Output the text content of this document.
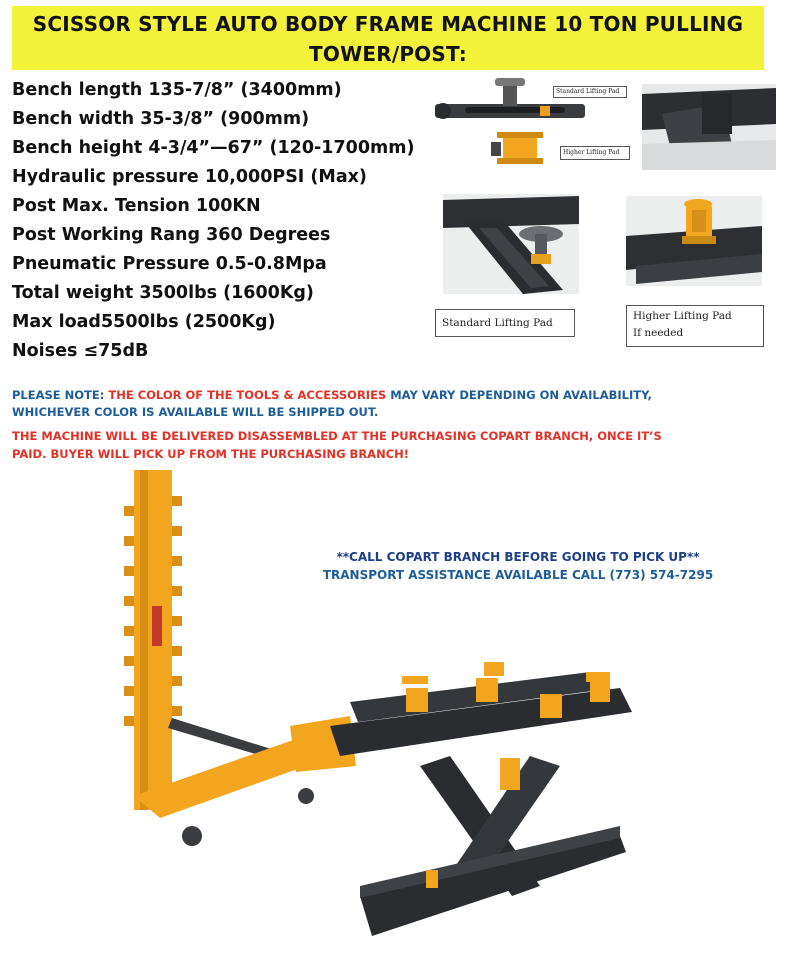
SCISSOR STYLE AUTO BODY FRAME MACHINE 10 TON PULLING
TOWER/POST:
Bench length 135-7/8” (3400mm)
Bench width 35-3/8” (900mm)
Bench height 4-3/4”—67” (120-1700mm)
Hydraulic pressure 10,000PSI (Max)
Post Max. Tension 100KN
Post Working Rang 360 Degrees
Pneumatic Pressure 0.5-0.8Mpa
Total weight 3500lbs (1600Kg)
Max load5500lbs (2500Kg)
Noises ≤75dB
Standard Lifting Pad
Higher Lifting Pad
Standard Lifting Pad
Higher Lifting Pad
If needed
PLEASE NOTE: THE COLOR OF THE TOOLS & ACCESSORIES MAY VARY DEPENDING ON AVAILABILITY,
WHICHEVER COLOR IS AVAILABLE WILL BE SHIPPED OUT.
THE MACHINE WILL BE DELIVERED DISASSEMBLED AT THE PURCHASING COPART BRANCH, ONCE IT’S
PAID. BUYER WILL PICK UP FROM THE PURCHASING BRANCH!
**CALL COPART BRANCH BEFORE GOING TO PICK UP**
TRANSPORT ASSISTANCE AVAILABLE CALL (773) 574-7295
